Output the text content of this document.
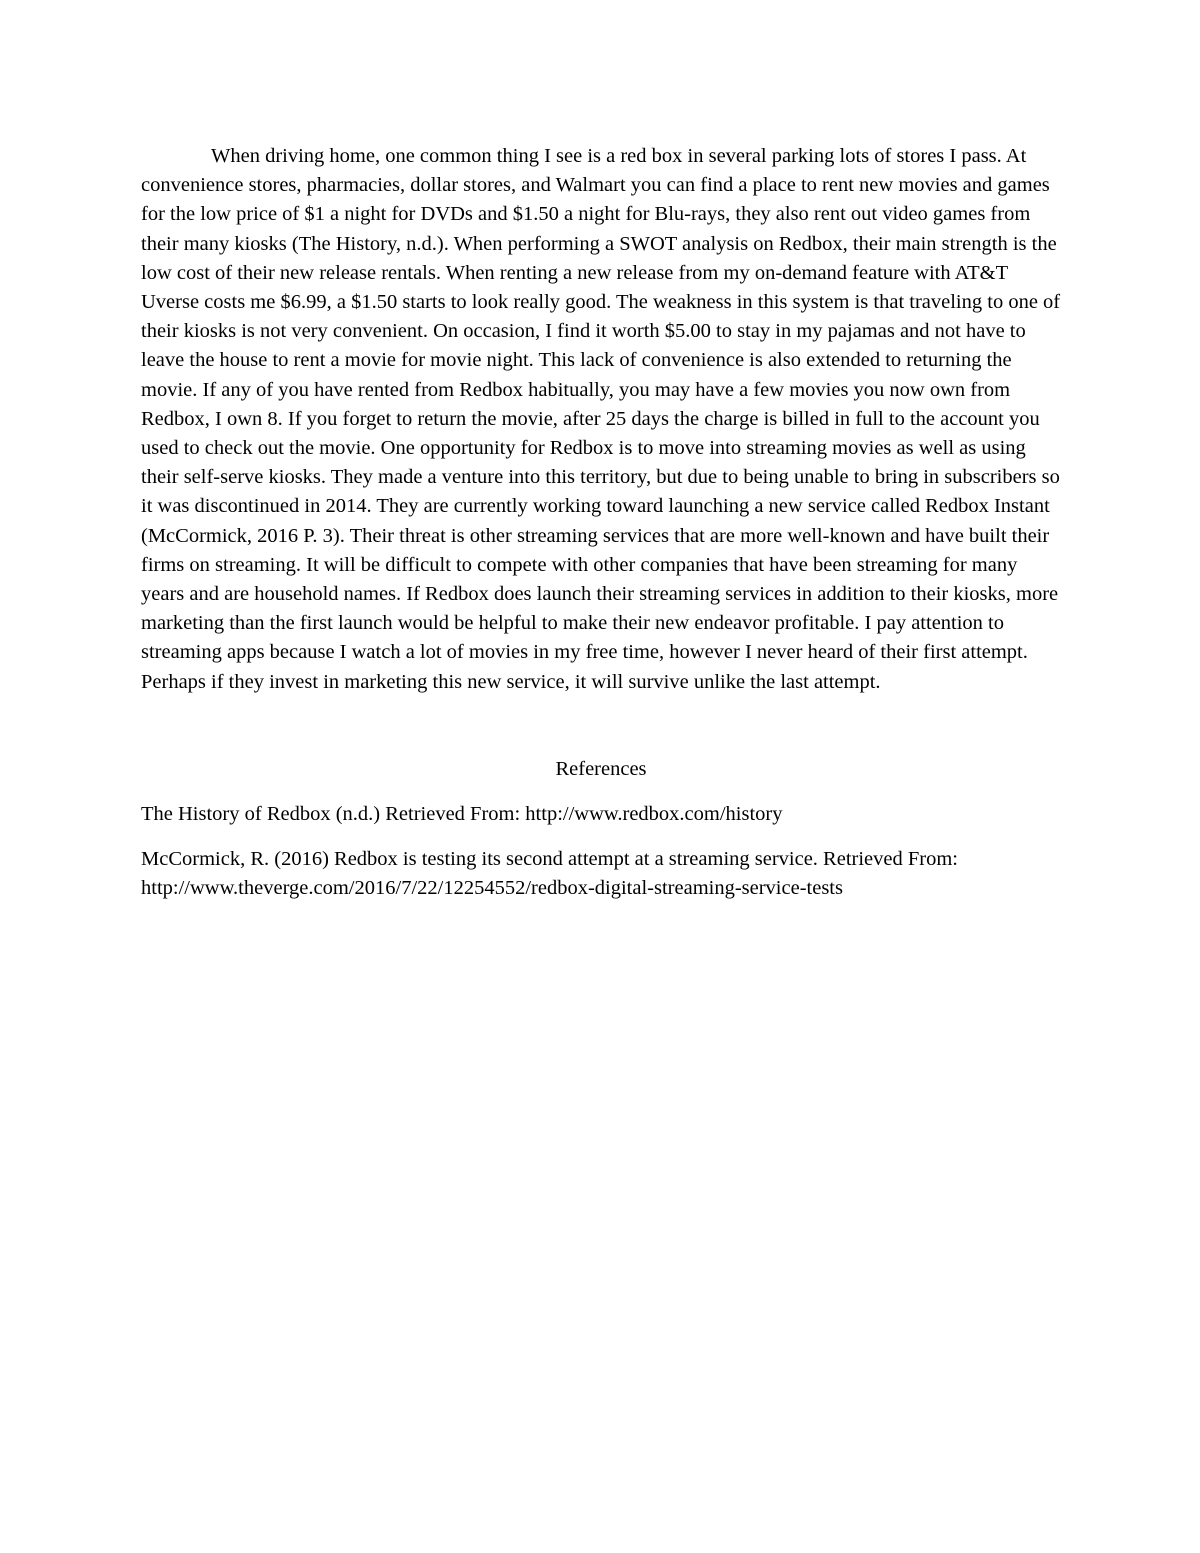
When driving home, one common thing I see is a red box in several parking lots of stores I pass. At convenience stores, pharmacies, dollar stores, and Walmart you can find a place to rent new movies and games for the low price of $1 a night for DVDs and $1.50 a night for Blu-rays, they also rent out video games from their many kiosks (The History, n.d.). When performing a SWOT analysis on Redbox, their main strength is the low cost of their new release rentals. When renting a new release from my on-demand feature with AT&T Uverse costs me $6.99, a $1.50 starts to look really good. The weakness in this system is that traveling to one of their kiosks is not very convenient. On occasion, I find it worth $5.00 to stay in my pajamas and not have to leave the house to rent a movie for movie night. This lack of convenience is also extended to returning the movie. If any of you have rented from Redbox habitually, you may have a few movies you now own from Redbox, I own 8. If you forget to return the movie, after 25 days the charge is billed in full to the account you used to check out the movie. One opportunity for Redbox is to move into streaming movies as well as using their self-serve kiosks. They made a venture into this territory, but due to being unable to bring in subscribers so it was discontinued in 2014. They are currently working toward launching a new service called Redbox Instant (McCormick, 2016 P. 3). Their threat is other streaming services that are more well-known and have built their firms on streaming. It will be difficult to compete with other companies that have been streaming for many years and are household names. If Redbox does launch their streaming services in addition to their kiosks, more marketing than the first launch would be helpful to make their new endeavor profitable. I pay attention to streaming apps because I watch a lot of movies in my free time, however I never heard of their first attempt. Perhaps if they invest in marketing this new service, it will survive unlike the last attempt.

References

The History of Redbox (n.d.) Retrieved From: http://www.redbox.com/history

McCormick, R. (2016) Redbox is testing its second attempt at a streaming service. Retrieved From: http://www.theverge.com/2016/7/22/12254552/redbox-digital-streaming-service-tests
